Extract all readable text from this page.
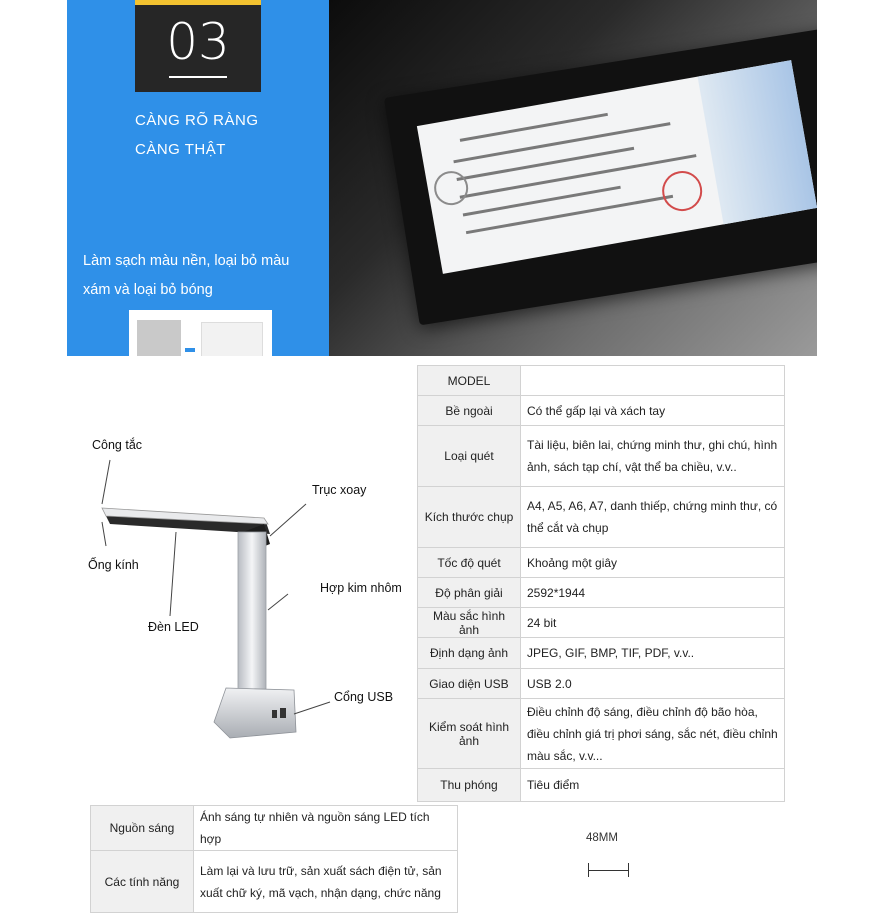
03
CÀNG RÕ RÀNG
CÀNG THẬT
Làm sạch màu nền, loại bỏ màu
xám và loại bỏ bóng
Công tắc
Trục xoay
Ống kính
Hợp kim nhôm
Đèn LED
Cổng USB
MODEL	
Bề ngoài	Có thể gấp lại và xách tay
Loại quét	Tài liệu, biên lai, chứng minh thư, ghi chú, hình ảnh, sách tạp chí, vật thể ba chiều, v.v..
Kích thước chụp	A4, A5, A6, A7, danh thiếp, chứng minh thư, có thể cắt và chụp
Tốc độ quét	Khoảng một giây
Độ phân giải	2592*1944
Màu sắc hình ảnh	24 bit
Định dạng ảnh	JPEG, GIF, BMP, TIF, PDF, v.v..
Giao diện USB	USB 2.0
Kiểm soát hình ảnh	Điều chỉnh độ sáng, điều chỉnh độ bão hòa, điều chỉnh giá trị phơi sáng, sắc nét, điều chỉnh màu sắc, v.v...
Thu phóng	Tiêu điểm
Nguồn sáng	Ánh sáng tự nhiên và nguồn sáng LED tích hợp
Các tính năng	Làm lại và lưu trữ, sản xuất sách điện tử, sản xuất chữ ký, mã vạch, nhận dạng, chức năng
48MM
